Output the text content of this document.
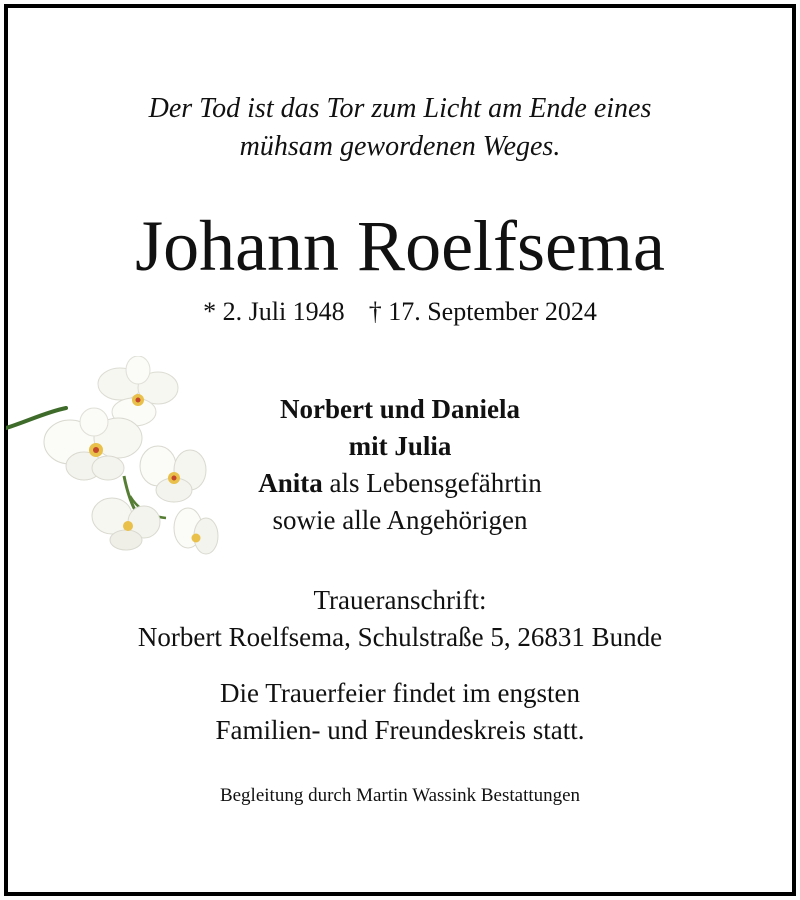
Der Tod ist das Tor zum Licht am Ende eines
mühsam gewordenen Weges.
Johann Roelfsema
* 2. Juli 1948 † 17. September 2024
Norbert und Daniela
mit Julia
Anita als Lebensgefährtin
sowie alle Angehörigen
Traueranschrift:
Norbert Roelfsema, Schulstraße 5, 26831 Bunde
Die Trauerfeier findet im engsten
Familien- und Freundeskreis statt.
Begleitung durch Martin Wassink Bestattungen
